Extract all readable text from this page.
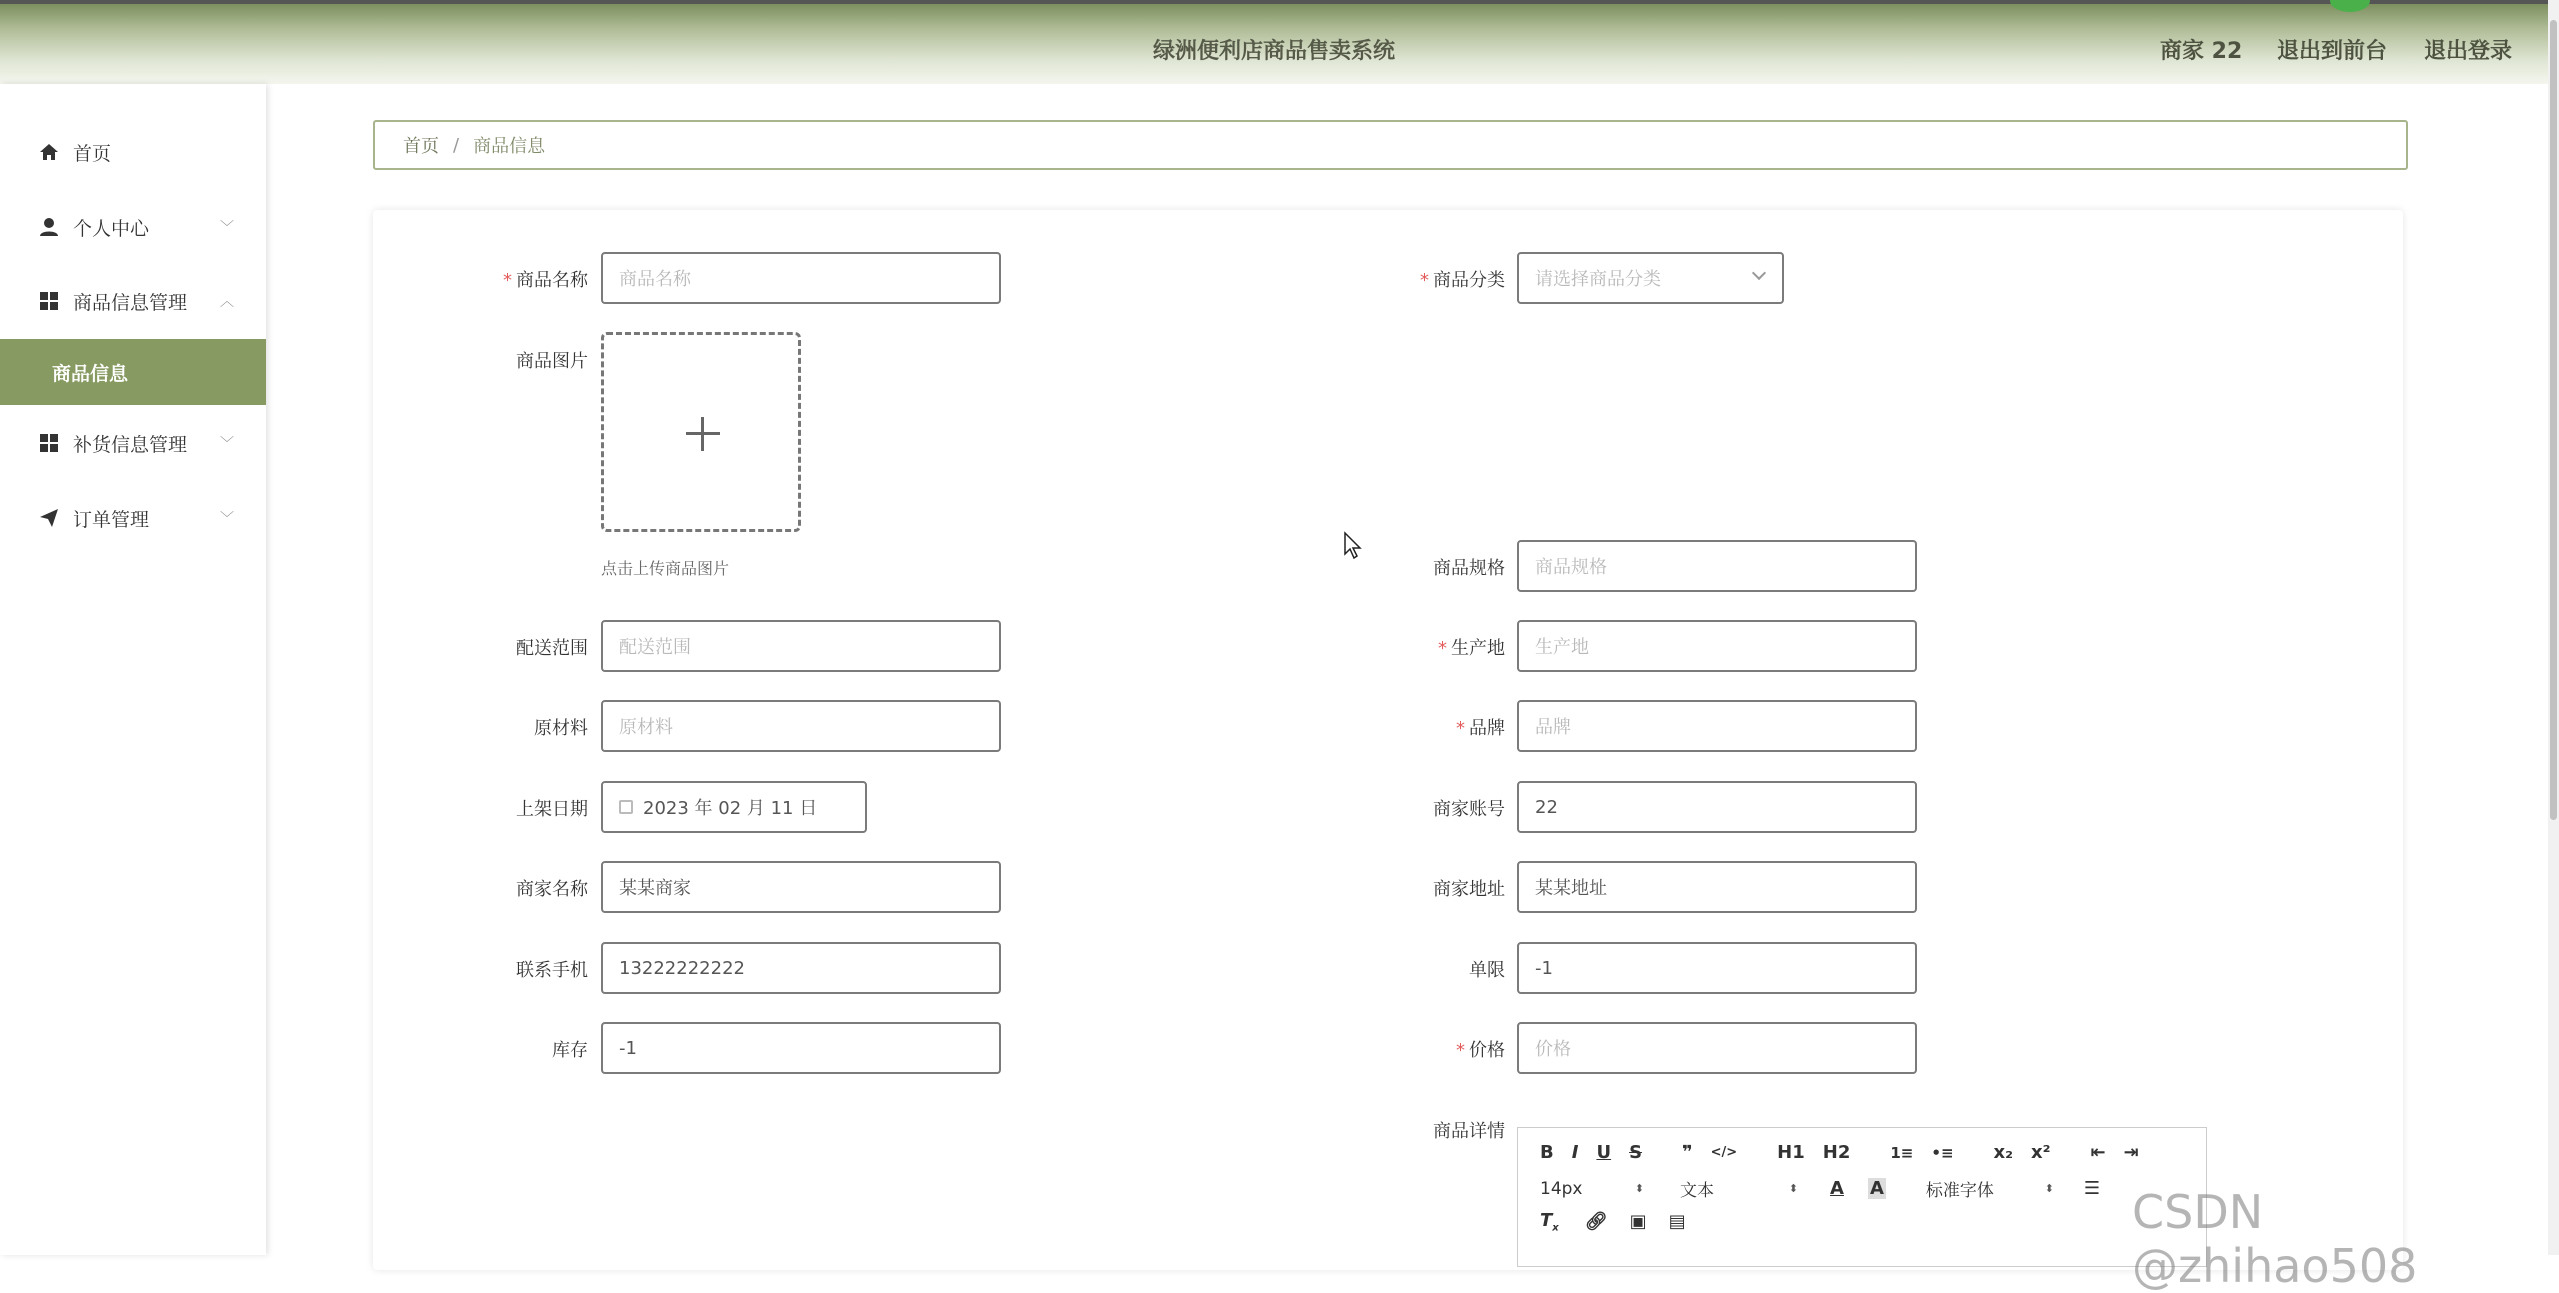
绿洲便利店商品售卖系统	商家 22 退出到前台 退出登录
首页
个人中心	﹀
商品信息管理 ︿
商品信息
补货信息管理 ﹀
订单管理	﹀
首页 / 商品信息
* 商品名称	商品名称
商品图片
点击上传商品图片
配送范围	配送范围
原材料	原材料
上架日期	2023 年 02 月 11 日
商家名称	某某商家
联系手机	13222222222
库存	-1
* 商品分类 请选择商品分类
商品规格	商品规格
* 生产地	生产地
* 品牌	品牌
商家账号	22
商家地址	某某地址
单限	-1
* 价格	价格
商品详情
B I U S ❞ </> H1 H2	1≡ •≡ x₂ x² ⇤ ⇥
14px	⬍ 文本	⬍ A A 标准字体	⬍ ☰
$T_x$ 🔗︎ ▣ ▤	CSDN @zhihao508
